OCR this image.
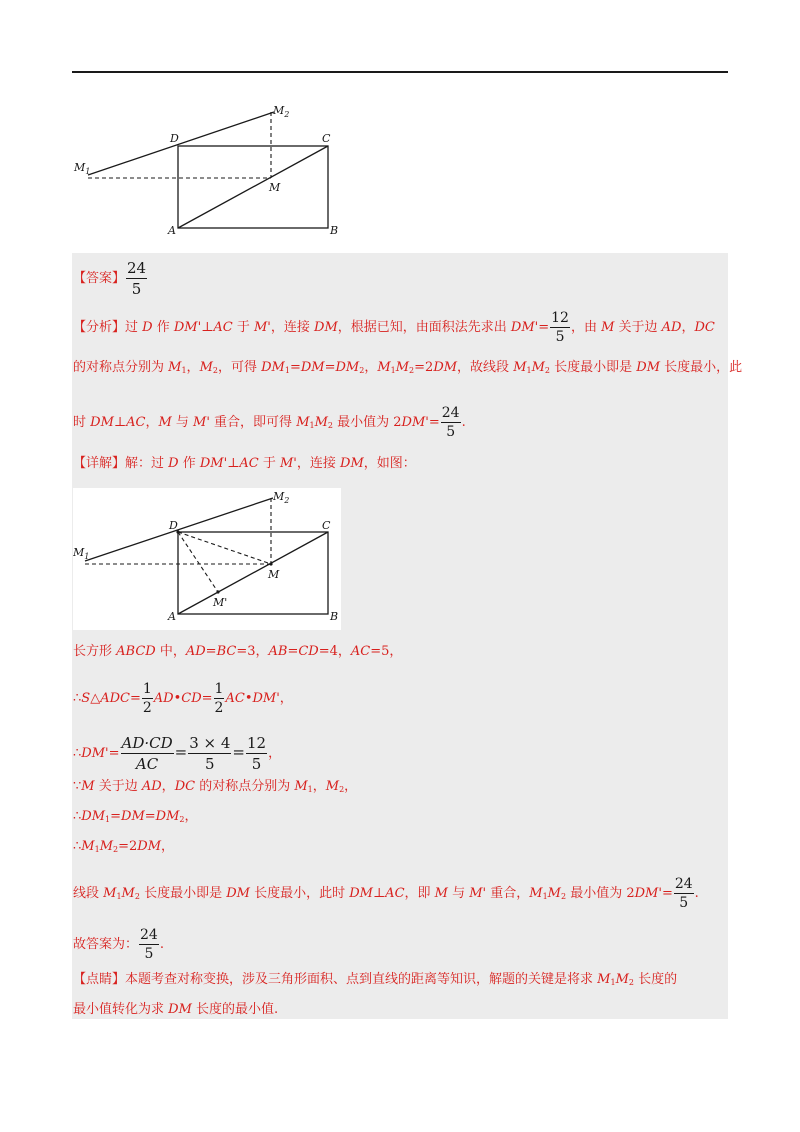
$M_1$
$M_2$
D	C
M
A	B
【答案】 $\frac{24}{5}$
【分析】过 D 作 DM'⊥AC 于 M'，连接 DM，根据已知，由面积法先求出 $DM'= \frac{12}{5}$ ，由 M 关于边 AD，DC
的对称点分别为 $M_1$，$M_2$，可得 $DM_1=DM=DM_2$，$M_1M_2=2DM$，故线段 $M_1M_2$ 长度最小即是 DM 长度最小，此
时 DM⊥AC，M 与 M' 重合，即可得 $M_1M_2$ 最小值为 $2DM'= \frac{24}{5}$ .
【详解】解：过 D 作 DM'⊥AC 于 M'，连接 DM，如图：
$M_1$
$M_2$
D	C
M
M'
A	B
长方形 ABCD 中，AD=BC=3，AB=CD=4，AC=5，
∴S△ADC= $\frac{1}{2}$ AD•CD= $\frac{1}{2}$ AC•DM'，
∴DM'= $\frac{AD\cdot CD}{AC} = \frac{3 \times 4}{5} = \frac{12}{5}$ ，
∵M 关于边 AD，DC 的对称点分别为 $M_1$，$M_2$，
$\therefore DM_1=DM=DM_2$，
$\therefore M_1M_2=2DM$，
线段 $M_1M_2$ 长度最小即是 DM 长度最小，此时 DM⊥AC，即 M 与 M' 重合，$M_1M_2$ 最小值为 $2DM'= \frac{24}{5}$ .
故答案为： $\frac{24}{5}$ .
【点睛】本题考查对称变换，涉及三角形面积、点到直线的距离等知识，解题的关键是将求 $M_1M_2$ 长度的
最小值转化为求 DM 长度的最小值.
